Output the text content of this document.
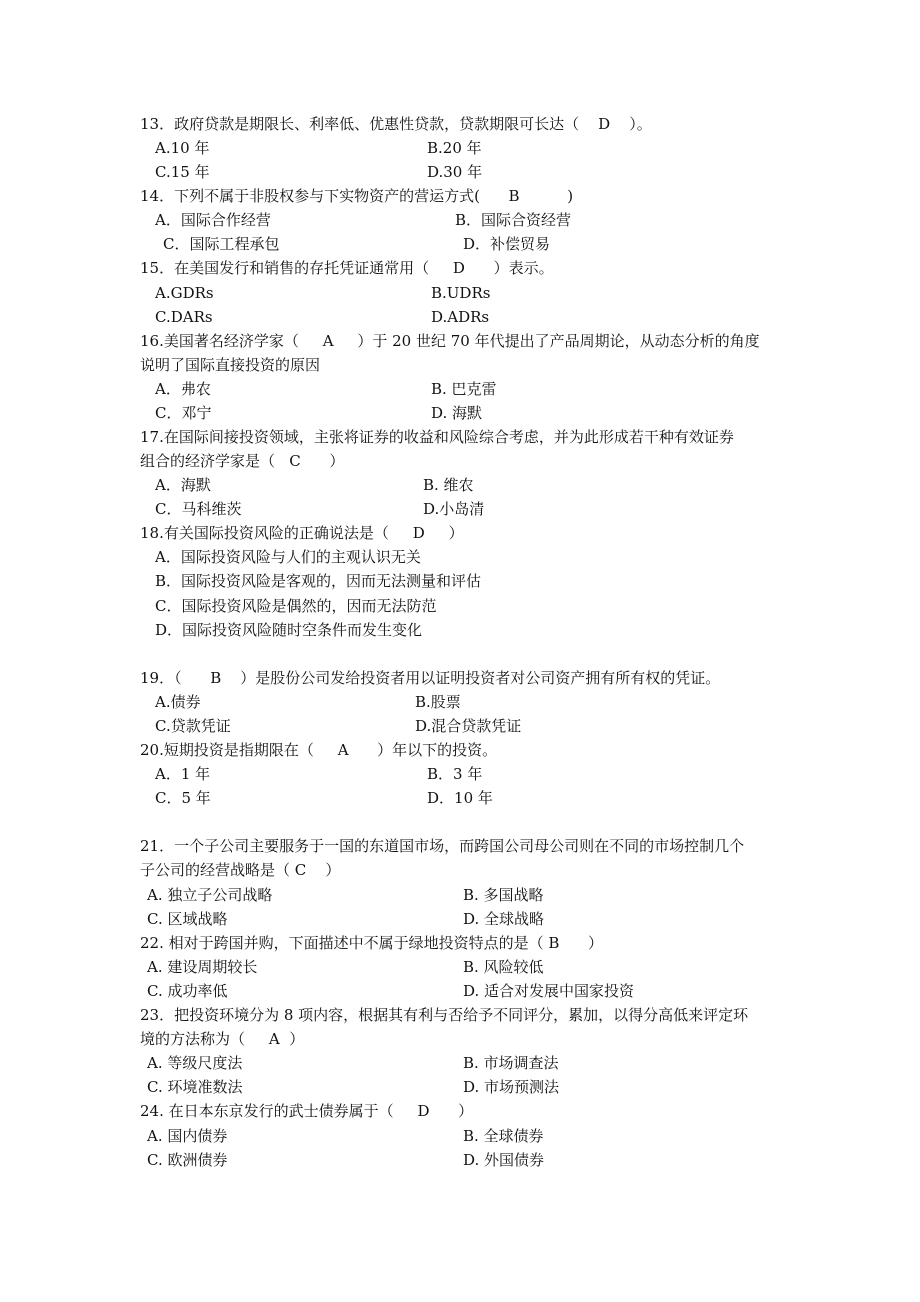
13．政府贷款是期限长、利率低、优惠性贷款，贷款期限可长达（    D    ）。
A.10 年	B.20 年
C.15 年	D.30 年
14．下列不属于非股权参与下实物资产的营运方式(      B          )
A．国际合作经营	B．国际合资经营
C．国际工程承包	D．补偿贸易
15．在美国发行和销售的存托凭证通常用（     D      ）表示。
A.GDRs	B.UDRs
C.DARs	D.ADRs
16.美国著名经济学家（     A     ）于 20 世纪 70 年代提出了产品周期论，从动态分析的角度
说明了国际直接投资的原因
A．弗农	B. 巴克雷
C．邓宁	D. 海默
17.在国际间接投资领域，主张将证券的收益和风险综合考虑，并为此形成若干种有效证券
组合的经济学家是（   C      ）
A．海默	B. 维农
C．马科维茨	D.小岛清
18.有关国际投资风险的正确说法是（     D     ）
A．国际投资风险与人们的主观认识无关
B．国际投资风险是客观的，因而无法测量和评估
C．国际投资风险是偶然的，因而无法防范
D．国际投资风险随时空条件而发生变化
19．（      B    ）是股份公司发给投资者用以证明投资者对公司资产拥有所有权的凭证。
A.债券	B.股票
C.贷款凭证	D.混合贷款凭证
20.短期投资是指期限在（     A      ）年以下的投资。
A．1 年	B．3 年
C．5 年	D．10 年
21．一个子公司主要服务于一国的东道国市场，而跨国公司母公司则在不同的市场控制几个
子公司的经营战略是（ C    ）
A. 独立子公司战略	B. 多国战略
C. 区域战略	D. 全球战略
22. 相对于跨国并购，下面描述中不属于绿地投资特点的是（ B      ）
A. 建设周期较长	B. 风险较低
C. 成功率低	D. 适合对发展中国家投资
23．把投资环境分为 8 项内容，根据其有利与否给予不同评分，累加，以得分高低来评定环
境的方法称为（     A  ）
A. 等级尺度法	B. 市场调查法
C. 环境准数法	D. 市场预测法
24. 在日本东京发行的武士债券属于（     D      ）
A. 国内债券	B. 全球债券
C. 欧洲债券	D. 外国债券
